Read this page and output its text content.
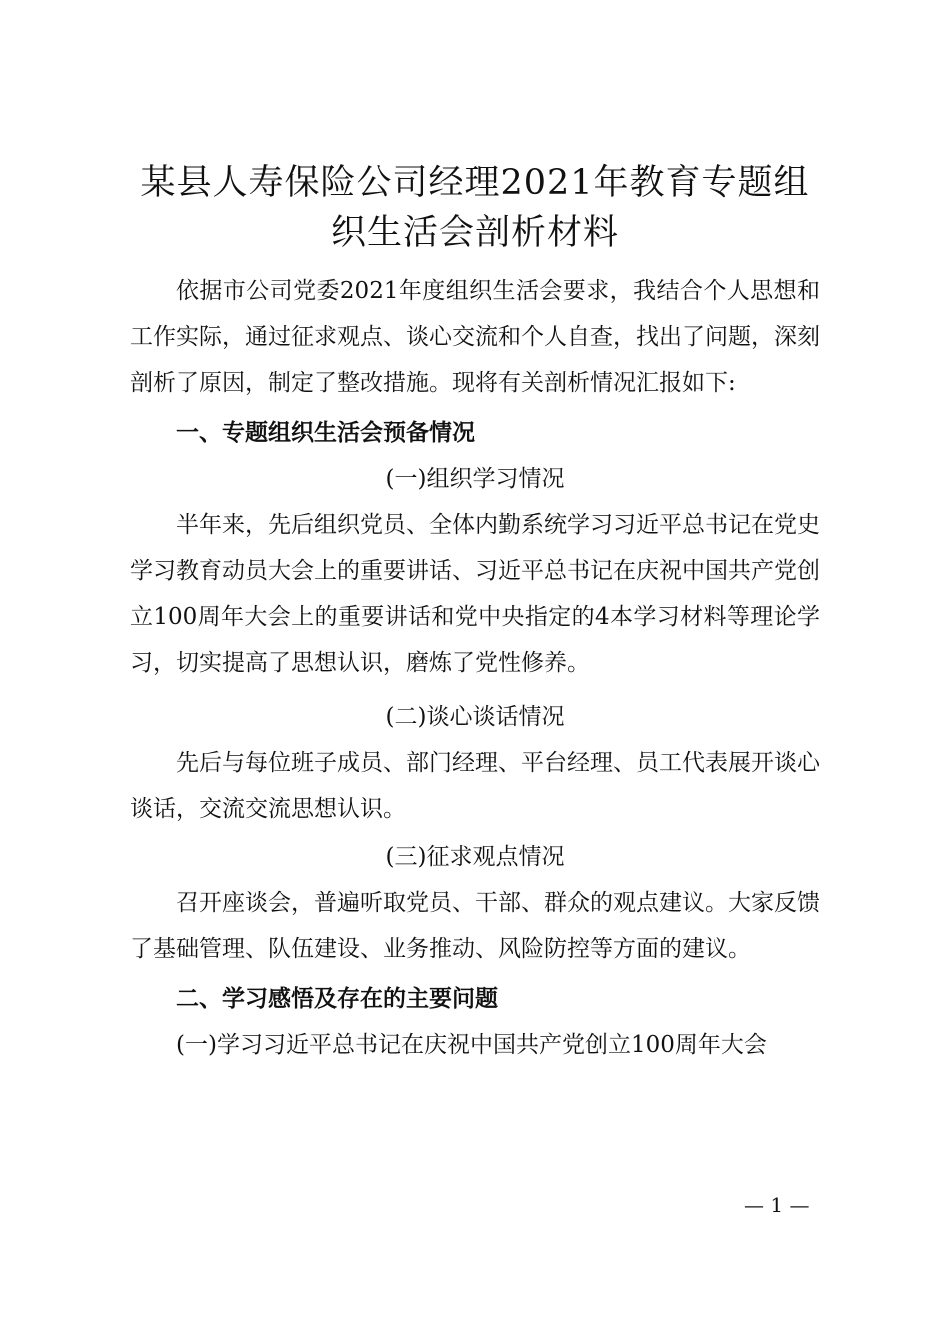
某县人寿保险公司经理2021年教育专题组织生活会剖析材料

依据市公司党委2021年度组织生活会要求，我结合个人思想和工作实际，通过征求观点、谈心交流和个人自查，找出了问题，深刻剖析了原因，制定了整改措施。现将有关剖析情况汇报如下:

一、专题组织生活会预备情况

(一)组织学习情况

半年来，先后组织党员、全体内勤系统学习习近平总书记在党史学习教育动员大会上的重要讲话、习近平总书记在庆祝中国共产党创立100周年大会上的重要讲话和党中央指定的4本学习材料等理论学习，切实提高了思想认识，磨炼了党性修养。

(二)谈心谈话情况

先后与每位班子成员、部门经理、平台经理、员工代表展开谈心谈话，交流交流思想认识。

(三)征求观点情况

召开座谈会，普遍听取党员、干部、群众的观点建议。大家反馈了基础管理、队伍建设、业务推动、风险防控等方面的建议。

二、学习感悟及存在的主要问题

(一)学习习近平总书记在庆祝中国共产党创立100周年大会

— 1 —
